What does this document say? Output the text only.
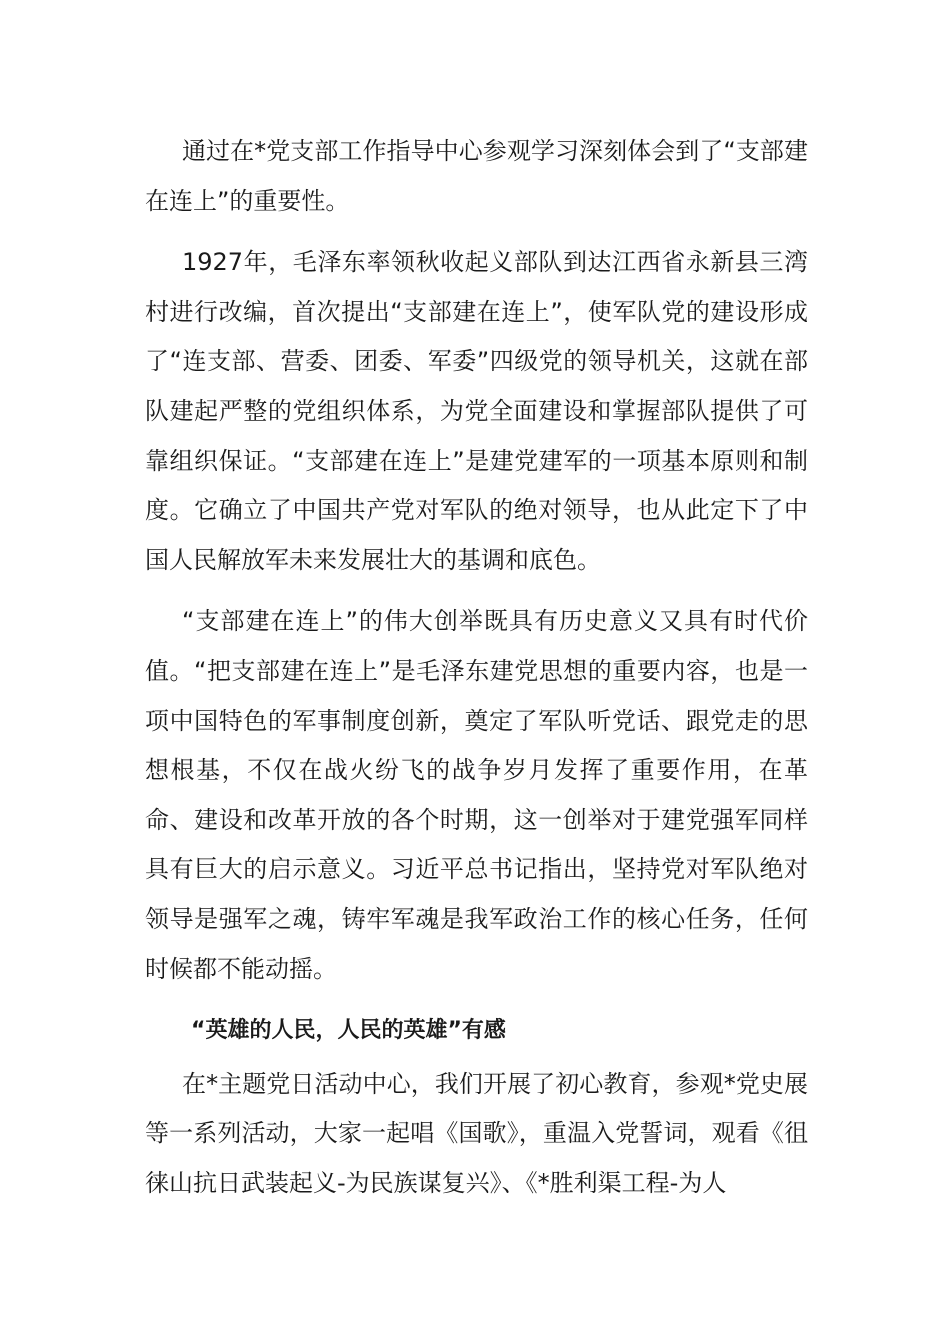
通过在*党支部工作指导中心参观学习深刻体会到了“支部建在连上”的重要性。

1927年，毛泽东率领秋收起义部队到达江西省永新县三湾村进行改编，首次提出“支部建在连上”，使军队党的建设形成了“连支部、营委、团委、军委”四级党的领导机关，这就在部队建起严整的党组织体系，为党全面建设和掌握部队提供了可靠组织保证。“支部建在连上”是建党建军的一项基本原则和制度。它确立了中国共产党对军队的绝对领导，也从此定下了中国人民解放军未来发展壮大的基调和底色。

“支部建在连上”的伟大创举既具有历史意义又具有时代价值。“把支部建在连上”是毛泽东建党思想的重要内容，也是一项中国特色的军事制度创新，奠定了军队听党话、跟党走的思想根基，不仅在战火纷飞的战争岁月发挥了重要作用，在革命、建设和改革开放的各个时期，这一创举对于建党强军同样具有巨大的启示意义。习近平总书记指出，坚持党对军队绝对领导是强军之魂，铸牢军魂是我军政治工作的核心任务，任何时候都不能动摇。

“英雄的人民，人民的英雄”有感

在*主题党日活动中心，我们开展了初心教育，参观*党史展等一系列活动，大家一起唱《国歌》，重温入党誓词，观看《徂徕山抗日武装起义-为民族谋复兴》、《*胜利渠工程-为人
